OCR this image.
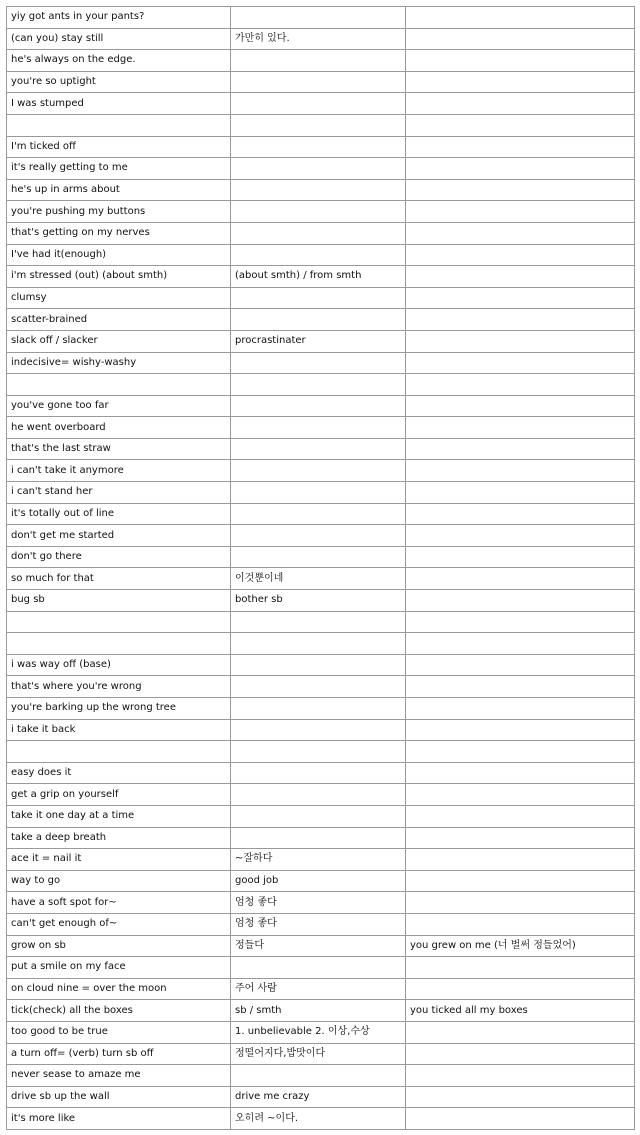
yiy got ants in your pants?		
(can you) stay still	가만히 있다.	
he's always on the edge.		
you're so uptight		
I was stumped		

I'm ticked off		
it's really getting to me		
he's up in arms about		
you're pushing my buttons		
that's getting on my nerves		
I've had it(enough)		
i'm stressed (out) (about smth)	(about smth) / from smth	
clumsy		
scatter-brained		
slack off / slacker	procrastinater	
indecisive= wishy-washy		

you've gone too far		
he went overboard		
that's the last straw		
i can't take it anymore		
i can't stand her		
it's totally out of line		
don't get me started		
don't go there		
so much for that	이것뿐이네	
bug sb	bother sb	

i was way off (base)		
that's where you're wrong		
you're barking up the wrong tree		
i take it back		

easy does it		
get a grip on yourself		
take it one day at a time		
take a deep breath		
ace it = nail it	~잘하다	
way to go	good job	
have a soft spot for~	엄청 좋다	
can't get enough of~	엄청 좋다	
grow on sb	정들다	you grew on me (너 벌써 정들었어)
put a smile on my face		
on cloud nine = over the moon	주어 사람	
tick(check) all the boxes	sb / smth	you ticked all my boxes
too good to be true	1. unbelievable 2. 이상,수상	
a turn off= (verb) turn sb off	정떨어지다,밥맛이다	
never sease to amaze me		
drive sb up the wall	drive me crazy	
it's more like	오히려 ~이다.	
